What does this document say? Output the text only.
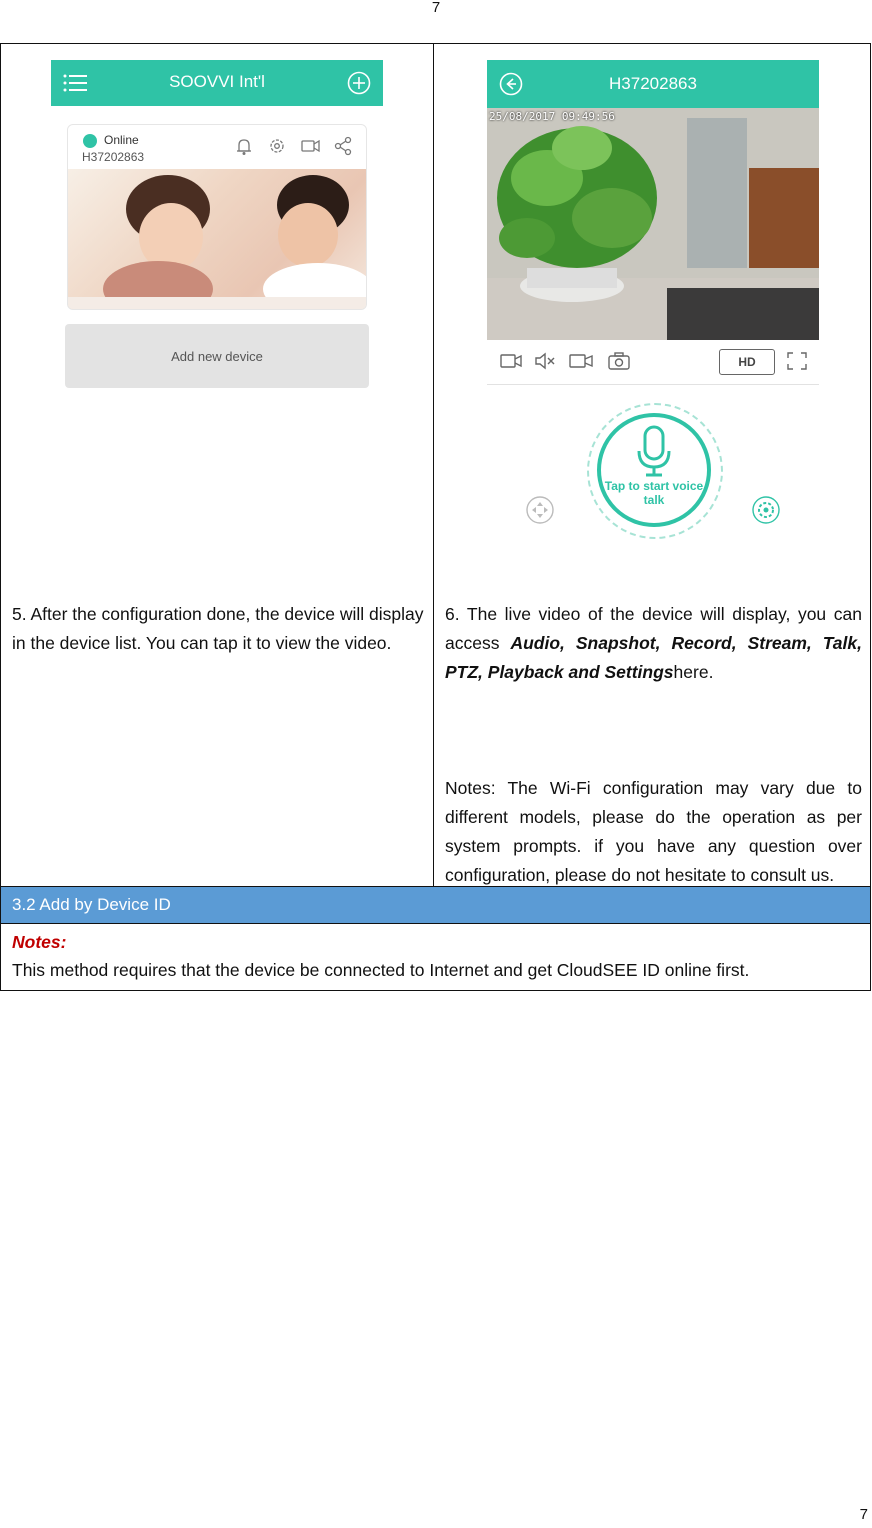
7
SOOVVI Int'l
Online
H37202863
Add new device
5. After the configuration done, the device will display in the device list. You can tap it to view the video.

H37202863
25/08/2017 09:49:56
HD
Tap to start voice talk
6. The live video of the device will display, you can access Audio, Snapshot, Record, Stream, Talk, PTZ, Playback and Settingshere.
Notes: The Wi-Fi configuration may vary due to different models, please do the operation as per system prompts. if you have any question over configuration, please do not hesitate to consult us.

3.2 Add by Device ID

Notes:
This method requires that the device be connected to Internet and get CloudSEE ID online first.
7
